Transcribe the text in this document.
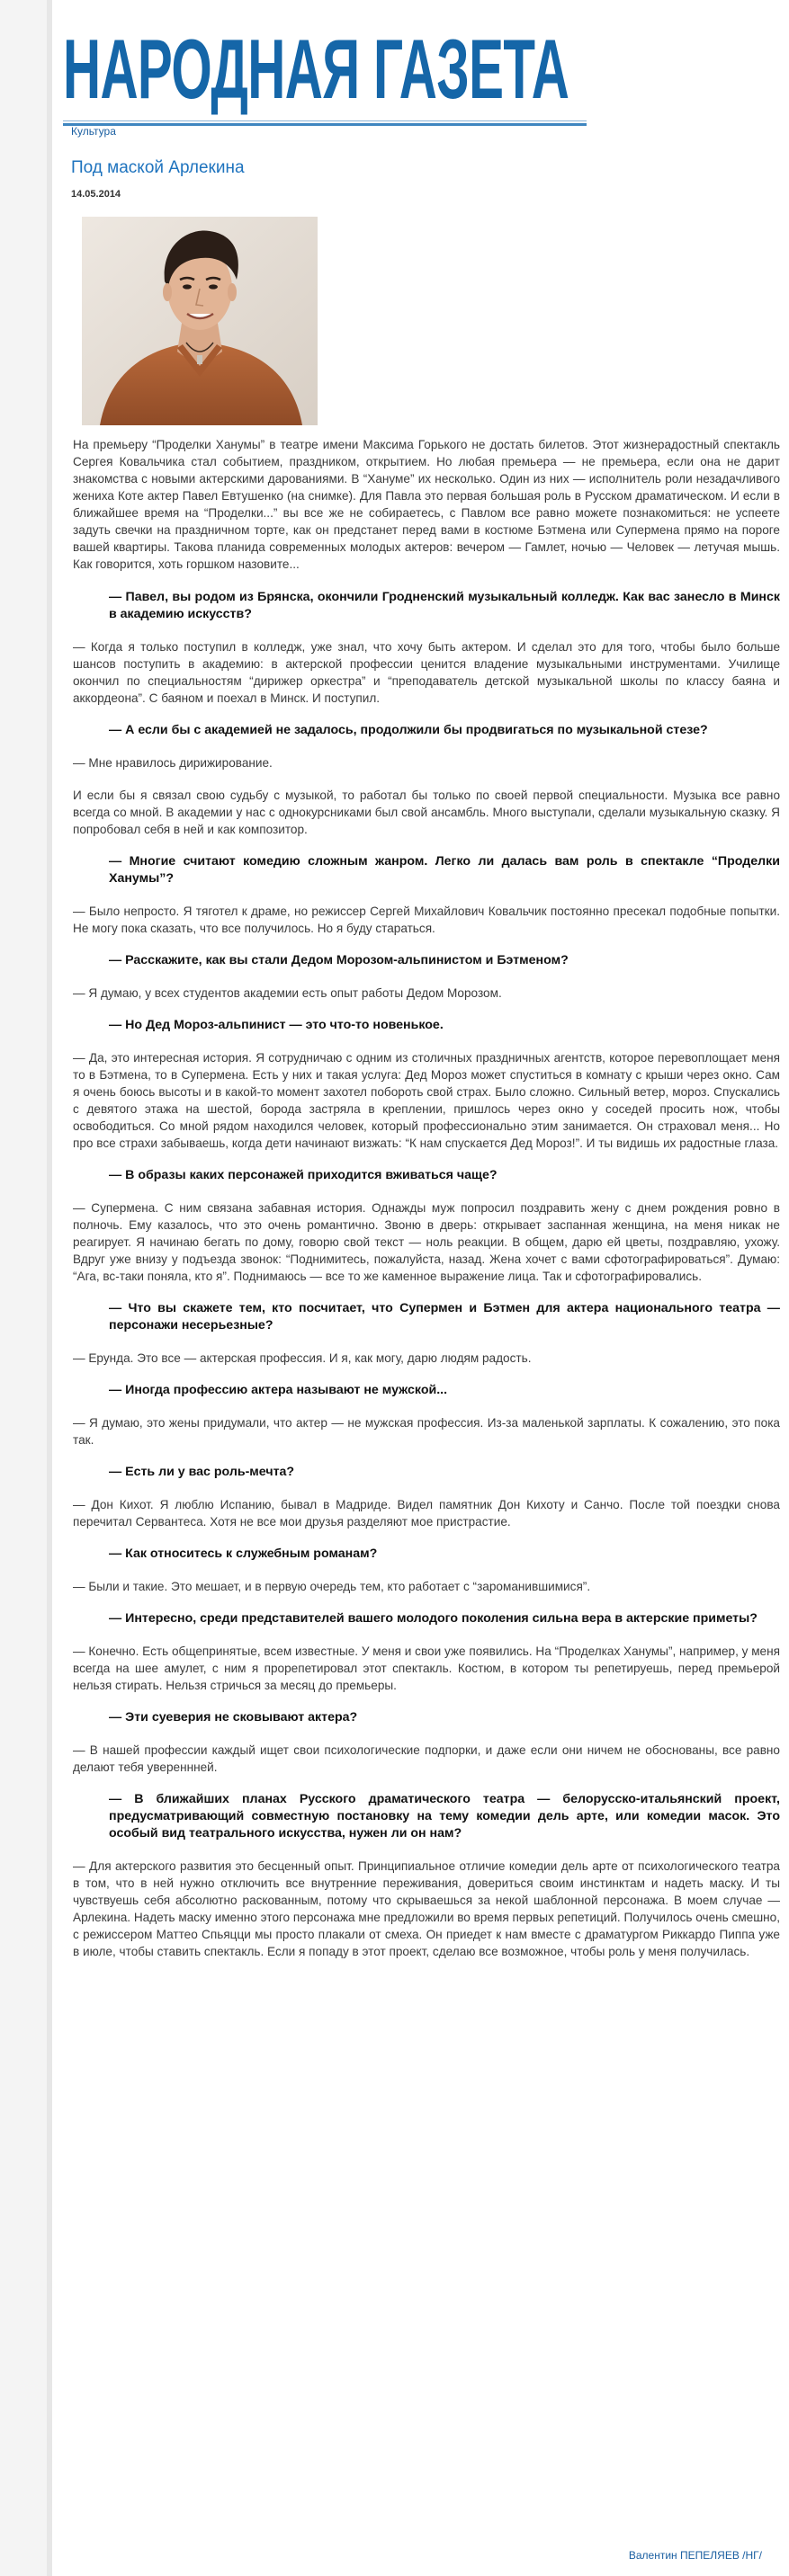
НАРОДНАЯ ГАЗЕТА
Культура
Под маской Арлекина
14.05.2014

На премьеру “Проделки Ханумы” в театре имени Максима Горького не достать билетов. Этот жизнерадостный спектакль Сергея Ковальчика стал событием, праздником, открытием. Но любая премьера — не премьера, если она не дарит знакомства с новыми актерскими дарованиями. В “Хануме” их несколько. Один из них — исполнитель роли незадачливого жениха Коте актер Павел Евтушенко (на снимке). Для Павла это первая большая роль в Русском драматическом. И если в ближайшее время на “Проделки...” вы все же не собираетесь, с Павлом все равно можете познакомиться: не успеете задуть свечки на праздничном торте, как он предстанет перед вами в костюме Бэтмена или Супермена прямо на пороге вашей квартиры. Такова планида современных молодых актеров: вечером — Гамлет, ночью — Человек — летучая мышь. Как говорится, хоть горшком назовите...

— Павел, вы родом из Брянска, окончили Гродненский музыкальный колледж. Как вас занесло в Минск в академию искусств?

— Когда я только поступил в колледж, уже знал, что хочу быть актером. И сделал это для того, чтобы было больше шансов поступить в академию: в актерской профессии ценится владение музыкальными инструментами. Училище окончил по специальностям “дирижер оркестра” и “преподаватель детской музыкальной школы по классу баяна и аккордеона”. С баяном и поехал в Минск. И поступил.

— А если бы с академией не задалось, продолжили бы продвигаться по музыкальной стезе?

— Мне нравилось дирижирование.

И если бы я связал свою судьбу с музыкой, то работал бы только по своей первой специальности. Музыка все равно всегда со мной. В академии у нас с однокурсниками был свой ансамбль. Много выступали, сделали музыкальную сказку. Я попробовал себя в ней и как композитор.

— Многие считают комедию сложным жанром. Легко ли далась вам роль в спектакле “Проделки Ханумы”?

— Было непросто. Я тяготел к драме, но режиссер Сергей Михайлович Ковальчик постоянно пресекал подобные попытки. Не могу пока сказать, что все получилось. Но я буду стараться.

— Расскажите, как вы стали Дедом Морозом-альпинистом и Бэтменом?

— Я думаю, у всех студентов академии есть опыт работы Дедом Морозом.

— Но Дед Мороз-альпинист — это что-то новенькое.

— Да, это интересная история. Я сотрудничаю с одним из столичных праздничных агентств, которое перевоплощает меня то в Бэтмена, то в Супермена. Есть у них и такая услуга: Дед Мороз может спуститься в комнату с крыши через окно. Сам я очень боюсь высоты и в какой-то момент захотел побороть свой страх. Было сложно. Сильный ветер, мороз. Спускались с девятого этажа на шестой, борода застряла в креплении, пришлось через окно у соседей просить нож, чтобы освободиться. Со мной рядом находился человек, который профессионально этим занимается. Он страховал меня... Но про все страхи забываешь, когда дети начинают визжать: “К нам спускается Дед Мороз!”. И ты видишь их радостные глаза.

— В образы каких персонажей приходится вживаться чаще?

— Супермена. С ним связана забавная история. Однажды муж попросил поздравить жену с днем рождения ровно в полночь. Ему казалось, что это очень романтично. Звоню в дверь: открывает заспанная женщина, на меня никак не реагирует. Я начинаю бегать по дому, говорю свой текст — ноль реакции. В общем, дарю ей цветы, поздравляю, ухожу. Вдруг уже внизу у подъезда звонок: “Поднимитесь, пожалуйста, назад. Жена хочет с вами сфотографироваться”. Думаю: “Ага, вс-таки поняла, кто я”. Поднимаюсь — все то же каменное выражение лица. Так и сфотографировались.

— Что вы скажете тем, кто посчитает, что Супермен и Бэтмен для актера национального театра — персонажи несерьезные?

— Ерунда. Это все — актерская профессия. И я, как могу, дарю людям радость.

— Иногда профессию актера называют не мужской...

— Я думаю, это жены придумали, что актер — не мужская профессия. Из-за маленькой зарплаты. К сожалению, это пока так.

— Есть ли у вас роль-мечта?

— Дон Кихот. Я люблю Испанию, бывал в Мадриде. Видел памятник Дон Кихоту и Санчо. После той поездки снова перечитал Сервантеса. Хотя не все мои друзья разделяют мое пристрастие.

— Как относитесь к служебным романам?

— Были и такие. Это мешает, и в первую очередь тем, кто работает с “зароманившимися”.

— Интересно, среди представителей вашего молодого поколения сильна вера в актерские приметы?

— Конечно. Есть общепринятые, всем известные. У меня и свои уже появились. На “Проделках Ханумы”, например, у меня всегда на шее амулет, с ним я прорепетировал этот спектакль. Костюм, в котором ты репетируешь, перед премьерой нельзя стирать. Нельзя стричься за месяц до премьеры.

— Эти суеверия не сковывают актера?

— В нашей профессии каждый ищет свои психологические подпорки, и даже если они ничем не обоснованы, все равно делают тебя увереннней.

— В ближайших планах Русского драматического театра — белорусско-итальянский проект, предусматривающий совместную постановку на тему комедии дель арте, или комедии масок. Это особый вид театрального искусства, нужен ли он нам?

— Для актерского развития это бесценный опыт. Принципиальное отличие комедии дель арте от психологического театра в том, что в ней нужно отключить все внутренние переживания, довериться своим инстинктам и надеть маску. И ты чувствуешь себя абсолютно раскованным, потому что скрываешься за некой шаблонной персонажа. В моем случае — Арлекина. Надеть маску именно этого персонажа мне предложили во время первых репетиций. Получилось очень смешно, с режиссером Маттео Спьяцци мы просто плакали от смеха. Он приедет к нам вместе с драматургом Риккардо Пиппа уже в июле, чтобы ставить спектакль. Если я попаду в этот проект, сделаю все возможное, чтобы роль у меня получилась.

Валентин ПЕПЕЛЯЕВ /НГ/
